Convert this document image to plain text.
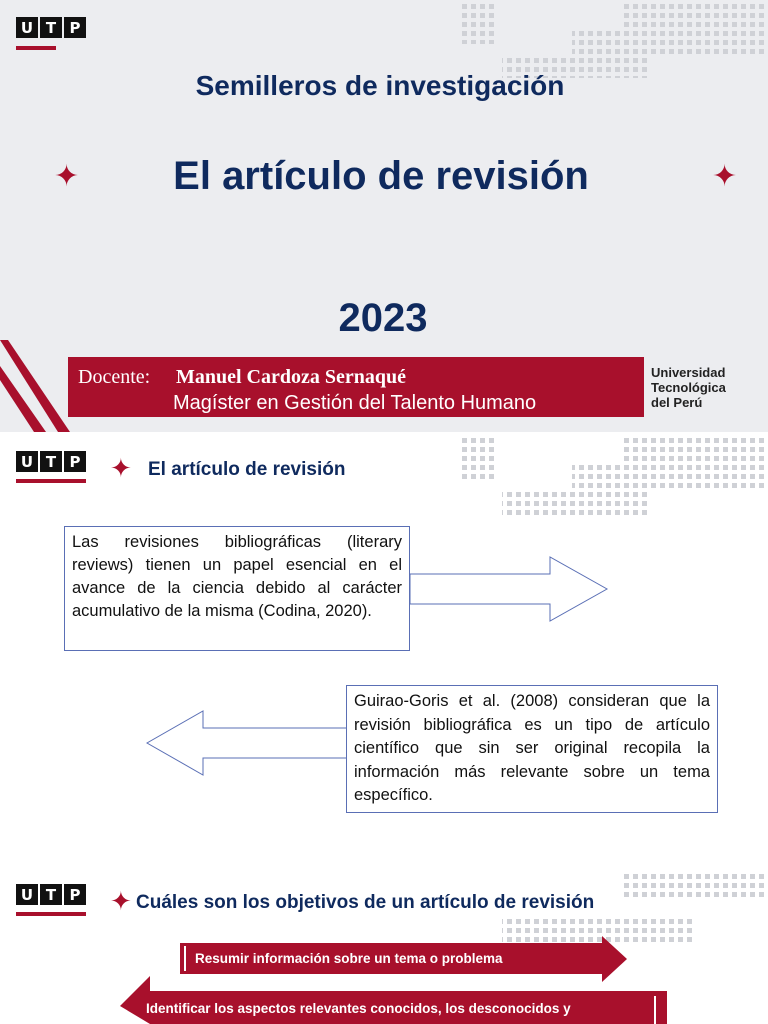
U T P
Semilleros de investigación
✦	✦
El artículo de revisión
2023
Docente: Manuel Cardoza Sernaqué
Magíster en Gestión del Talento Humano
Universidad
Tecnológica
del Perú
U T P ✦ El artículo de revisión
Las revisiones bibliográficas (literary reviews) tienen un papel esencial en el avance de la ciencia debido al carácter acumulativo de la misma (Codina, 2020).
Guirao-Goris et al. (2008) consideran que la revisión bibliográfica es un tipo de artículo científico que sin ser original recopila la información más relevante sobre un tema específico.
U T P ✦ Cuáles son los objetivos de un artículo de revisión
Resumir información sobre un tema o problema
Identificar los aspectos relevantes conocidos, los desconocidos y
